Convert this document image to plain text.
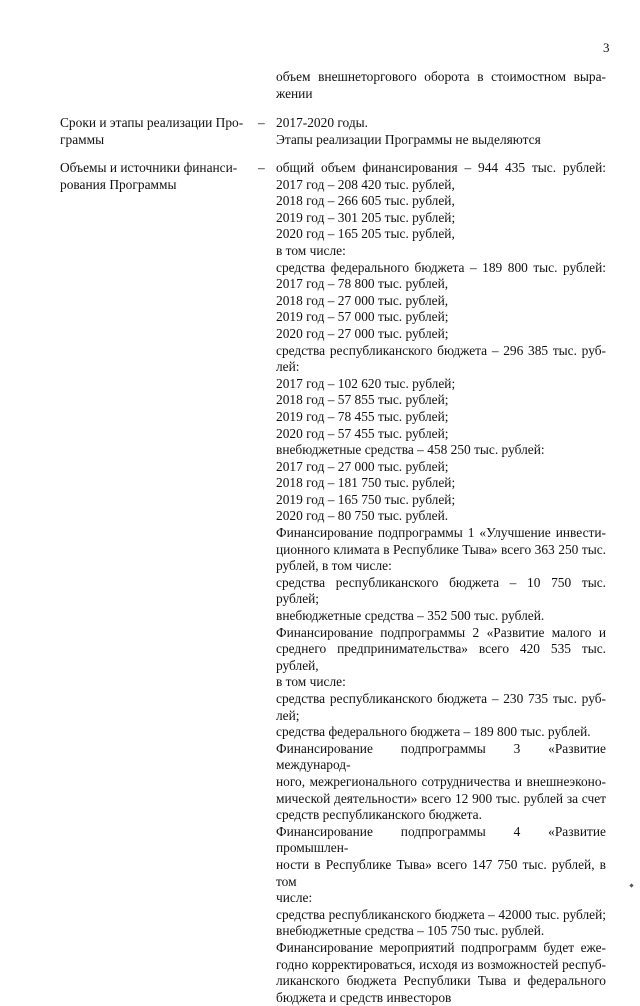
3
объем внешнеторгового оборота в стоимостном выра-
жении
Сроки и этапы реализации Про-
граммы
– 2017-2020 годы.
Этапы реализации Программы не выделяются
Объемы и источники финанси-
рования Программы
– общий объем финансирования – 944 435 тыс. рублей:
2017 год – 208 420 тыс. рублей,
2018 год – 266 605 тыс. рублей,
2019 год – 301 205 тыс. рублей;
2020 год – 165 205 тыс. рублей,
в том числе:
средства федерального бюджета – 189 800 тыс. рублей:
2017 год – 78 800 тыс. рублей,
2018 год – 27 000 тыс. рублей,
2019 год – 57 000 тыс. рублей;
2020 год – 27 000 тыс. рублей;
средства республиканского бюджета – 296 385 тыс. руб-
лей:
2017 год – 102 620 тыс. рублей;
2018 год – 57 855 тыс. рублей;
2019 год – 78 455 тыс. рублей;
2020 год – 57 455 тыс. рублей;
внебюджетные средства – 458 250 тыс. рублей:
2017 год – 27 000 тыс. рублей;
2018 год – 181 750 тыс. рублей;
2019 год – 165 750 тыс. рублей;
2020 год – 80 750 тыс. рублей.
Финансирование подпрограммы 1 «Улучшение инвести-
ционного климата в Республике Тыва» всего 363 250 тыс.
рублей, в том числе:
средства республиканского бюджета – 10 750 тыс. рублей;
внебюджетные средства – 352 500 тыс. рублей.
Финансирование подпрограммы 2 «Развитие малого и
среднего предпринимательства» всего 420 535 тыс. рублей,
в том числе:
средства республиканского бюджета – 230 735 тыс. руб-
лей;
средства федерального бюджета – 189 800 тыс. рублей.
Финансирование подпрограммы 3 «Развитие международ-
ного, межрегионального сотрудничества и внешнеэконо-
мической деятельности» всего 12 900 тыс. рублей за счет
средств республиканского бюджета.
Финансирование подпрограммы 4 «Развитие промышлен-
ности в Республике Тыва» всего 147 750 тыс. рублей, в том
числе:
средства республиканского бюджета – 42000 тыс. рублей;
внебюджетные средства – 105 750 тыс. рублей.
Финансирование мероприятий подпрограмм будет еже-
годно корректироваться, исходя из возможностей респуб-
ликанского бюджета Республики Тыва и федерального
бюджета и средств инвесторов
